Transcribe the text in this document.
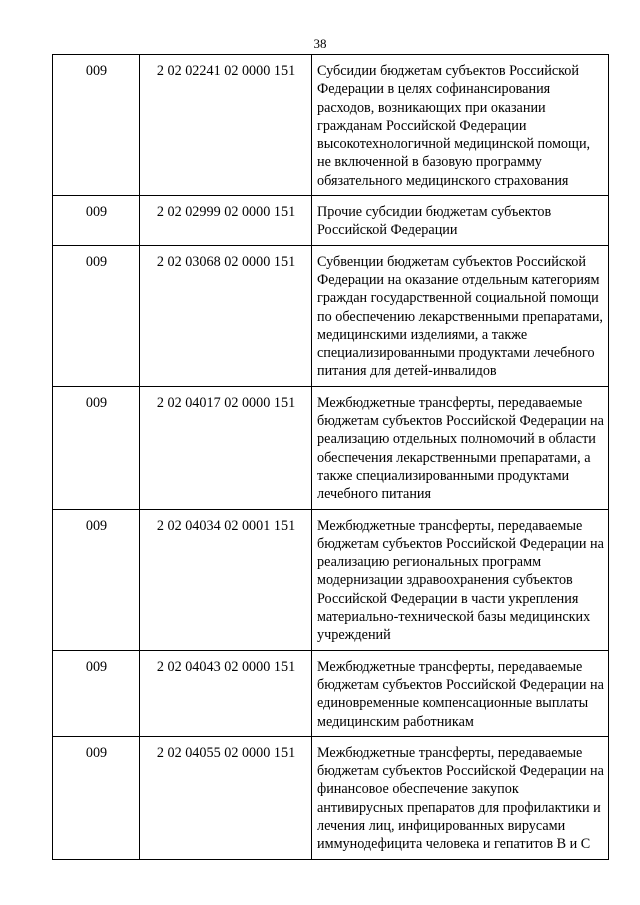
38
009	2 02 02241 02 0000 151	Субсидии бюджетам субъектов Российской Федерации в целях софинансирования расходов, возникающих при оказании гражданам Российской Федерации высокотехнологичной медицинской помощи, не включенной в базовую программу обязательного медицинского страхования
009	2 02 02999 02 0000 151	Прочие субсидии бюджетам субъектов Российской Федерации
009	2 02 03068 02 0000 151	Субвенции бюджетам субъектов Российской Федерации на оказание отдельным категориям граждан государственной социальной помощи по обеспечению лекарственными препаратами, медицинскими изделиями, а также специализированными продуктами лечебного питания для детей-инвалидов
009	2 02 04017 02 0000 151	Межбюджетные трансферты, передаваемые бюджетам субъектов Российской Федерации на реализацию отдельных полномочий в области обеспечения лекарственными препаратами, а также специализированными продуктами лечебного питания
009	2 02 04034 02 0001 151	Межбюджетные трансферты, передаваемые бюджетам субъектов Российской Федерации на реализацию региональных программ модернизации здравоохранения субъектов Российской Федерации в части укрепления материально-технической базы медицинских учреждений
009	2 02 04043 02 0000 151	Межбюджетные трансферты, передаваемые бюджетам субъектов Российской Федерации на единовременные компенсационные выплаты медицинским работникам
009	2 02 04055 02 0000 151	Межбюджетные трансферты, передаваемые бюджетам субъектов Российской Федерации на финансовое обеспечение закупок антивирусных препаратов для профилактики и лечения лиц, инфицированных вирусами иммунодефицита человека и гепатитов B и C
